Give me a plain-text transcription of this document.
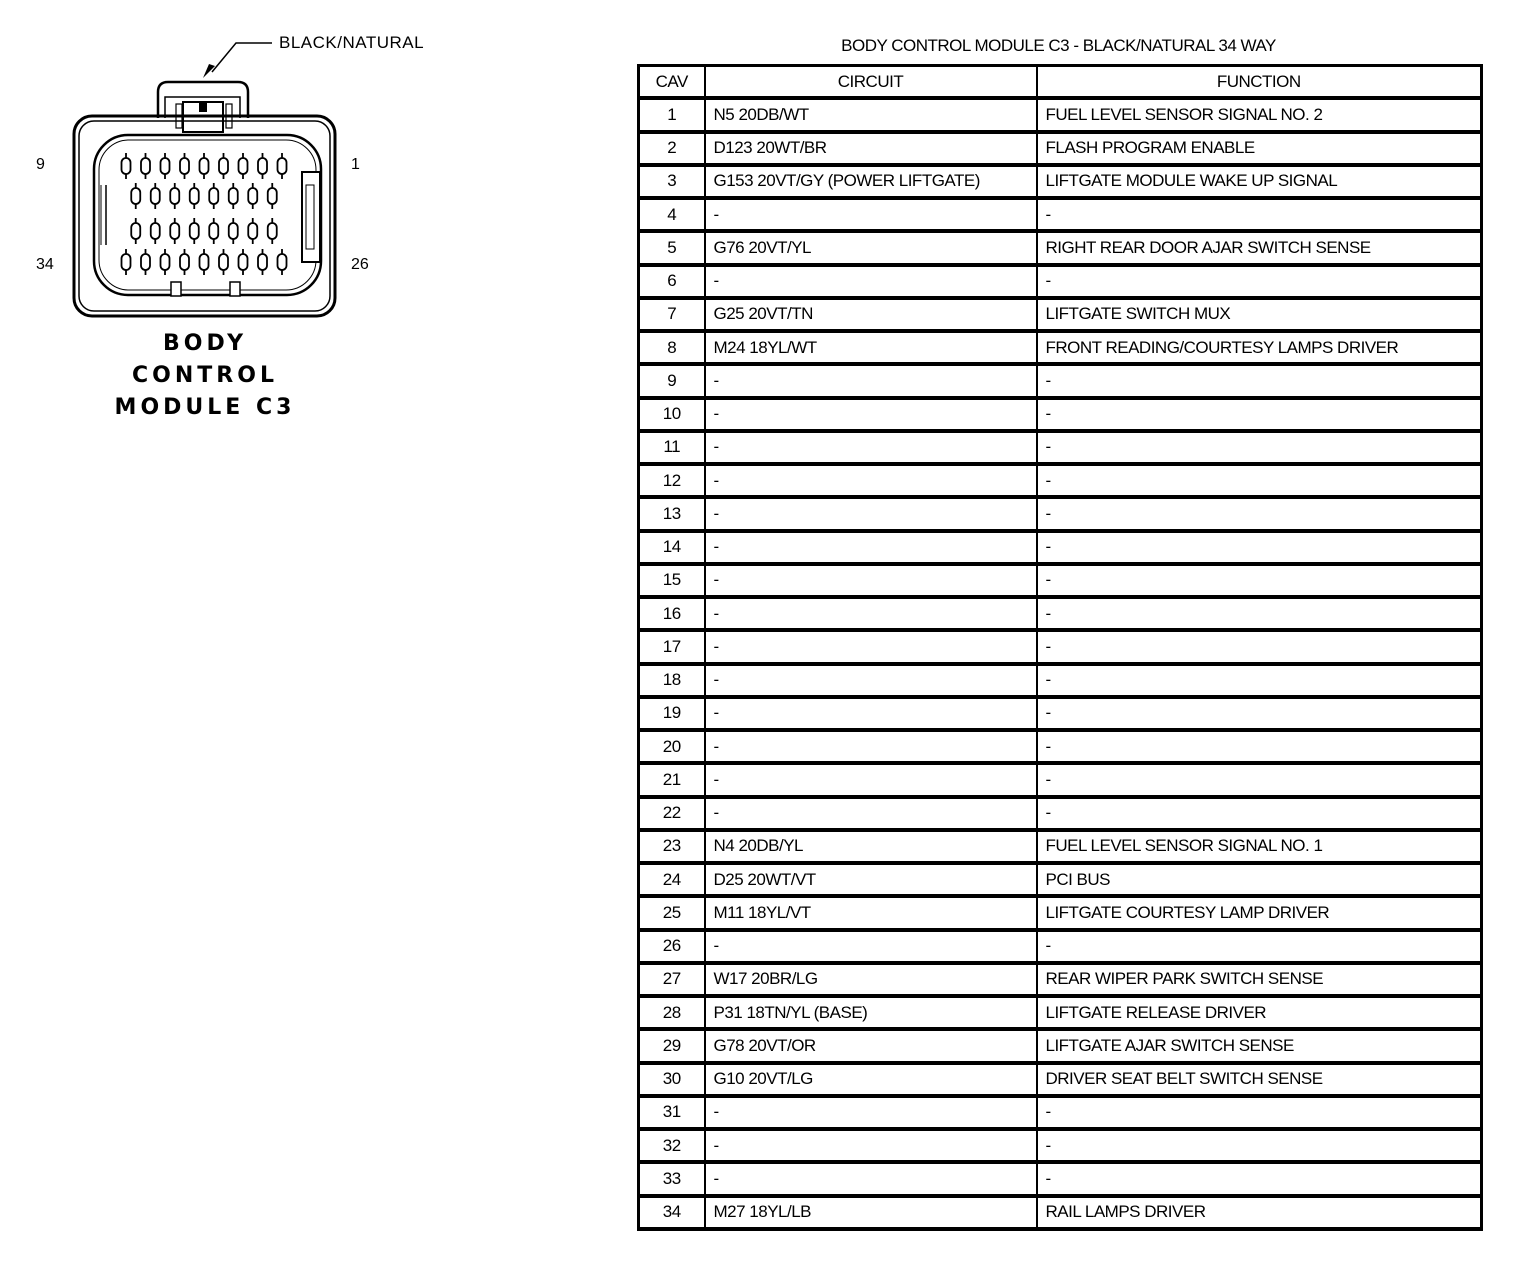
BLACK/NATURAL
9	1
34	26
BODY
CONTROL
MODULE C3
BODY CONTROL MODULE C3 - BLACK/NATURAL 34 WAY
CAV	CIRCUIT	FUNCTION
1	N5 20DB/WT	FUEL LEVEL SENSOR SIGNAL NO. 2
2	D123 20WT/BR	FLASH PROGRAM ENABLE
3	G153 20VT/GY (POWER LIFTGATE)	LIFTGATE MODULE WAKE UP SIGNAL
4	-	-
5	G76 20VT/YL	RIGHT REAR DOOR AJAR SWITCH SENSE
6	-	-
7	G25 20VT/TN	LIFTGATE SWITCH MUX
8	M24 18YL/WT	FRONT READING/COURTESY LAMPS DRIVER
9	-	-
10	-	-
11	-	-
12	-	-
13	-	-
14	-	-
15	-	-
16	-	-
17	-	-
18	-	-
19	-	-
20	-	-
21	-	-
22	-	-
23	N4 20DB/YL	FUEL LEVEL SENSOR SIGNAL NO. 1
24	D25 20WT/VT	PCI BUS
25	M11 18YL/VT	LIFTGATE COURTESY LAMP DRIVER
26	-	-
27	W17 20BR/LG	REAR WIPER PARK SWITCH SENSE
28	P31 18TN/YL (BASE)	LIFTGATE RELEASE DRIVER
29	G78 20VT/OR	LIFTGATE AJAR SWITCH SENSE
30	G10 20VT/LG	DRIVER SEAT BELT SWITCH SENSE
31	-	-
32	-	-
33	-	-
34	M27 18YL/LB	RAIL LAMPS DRIVER
